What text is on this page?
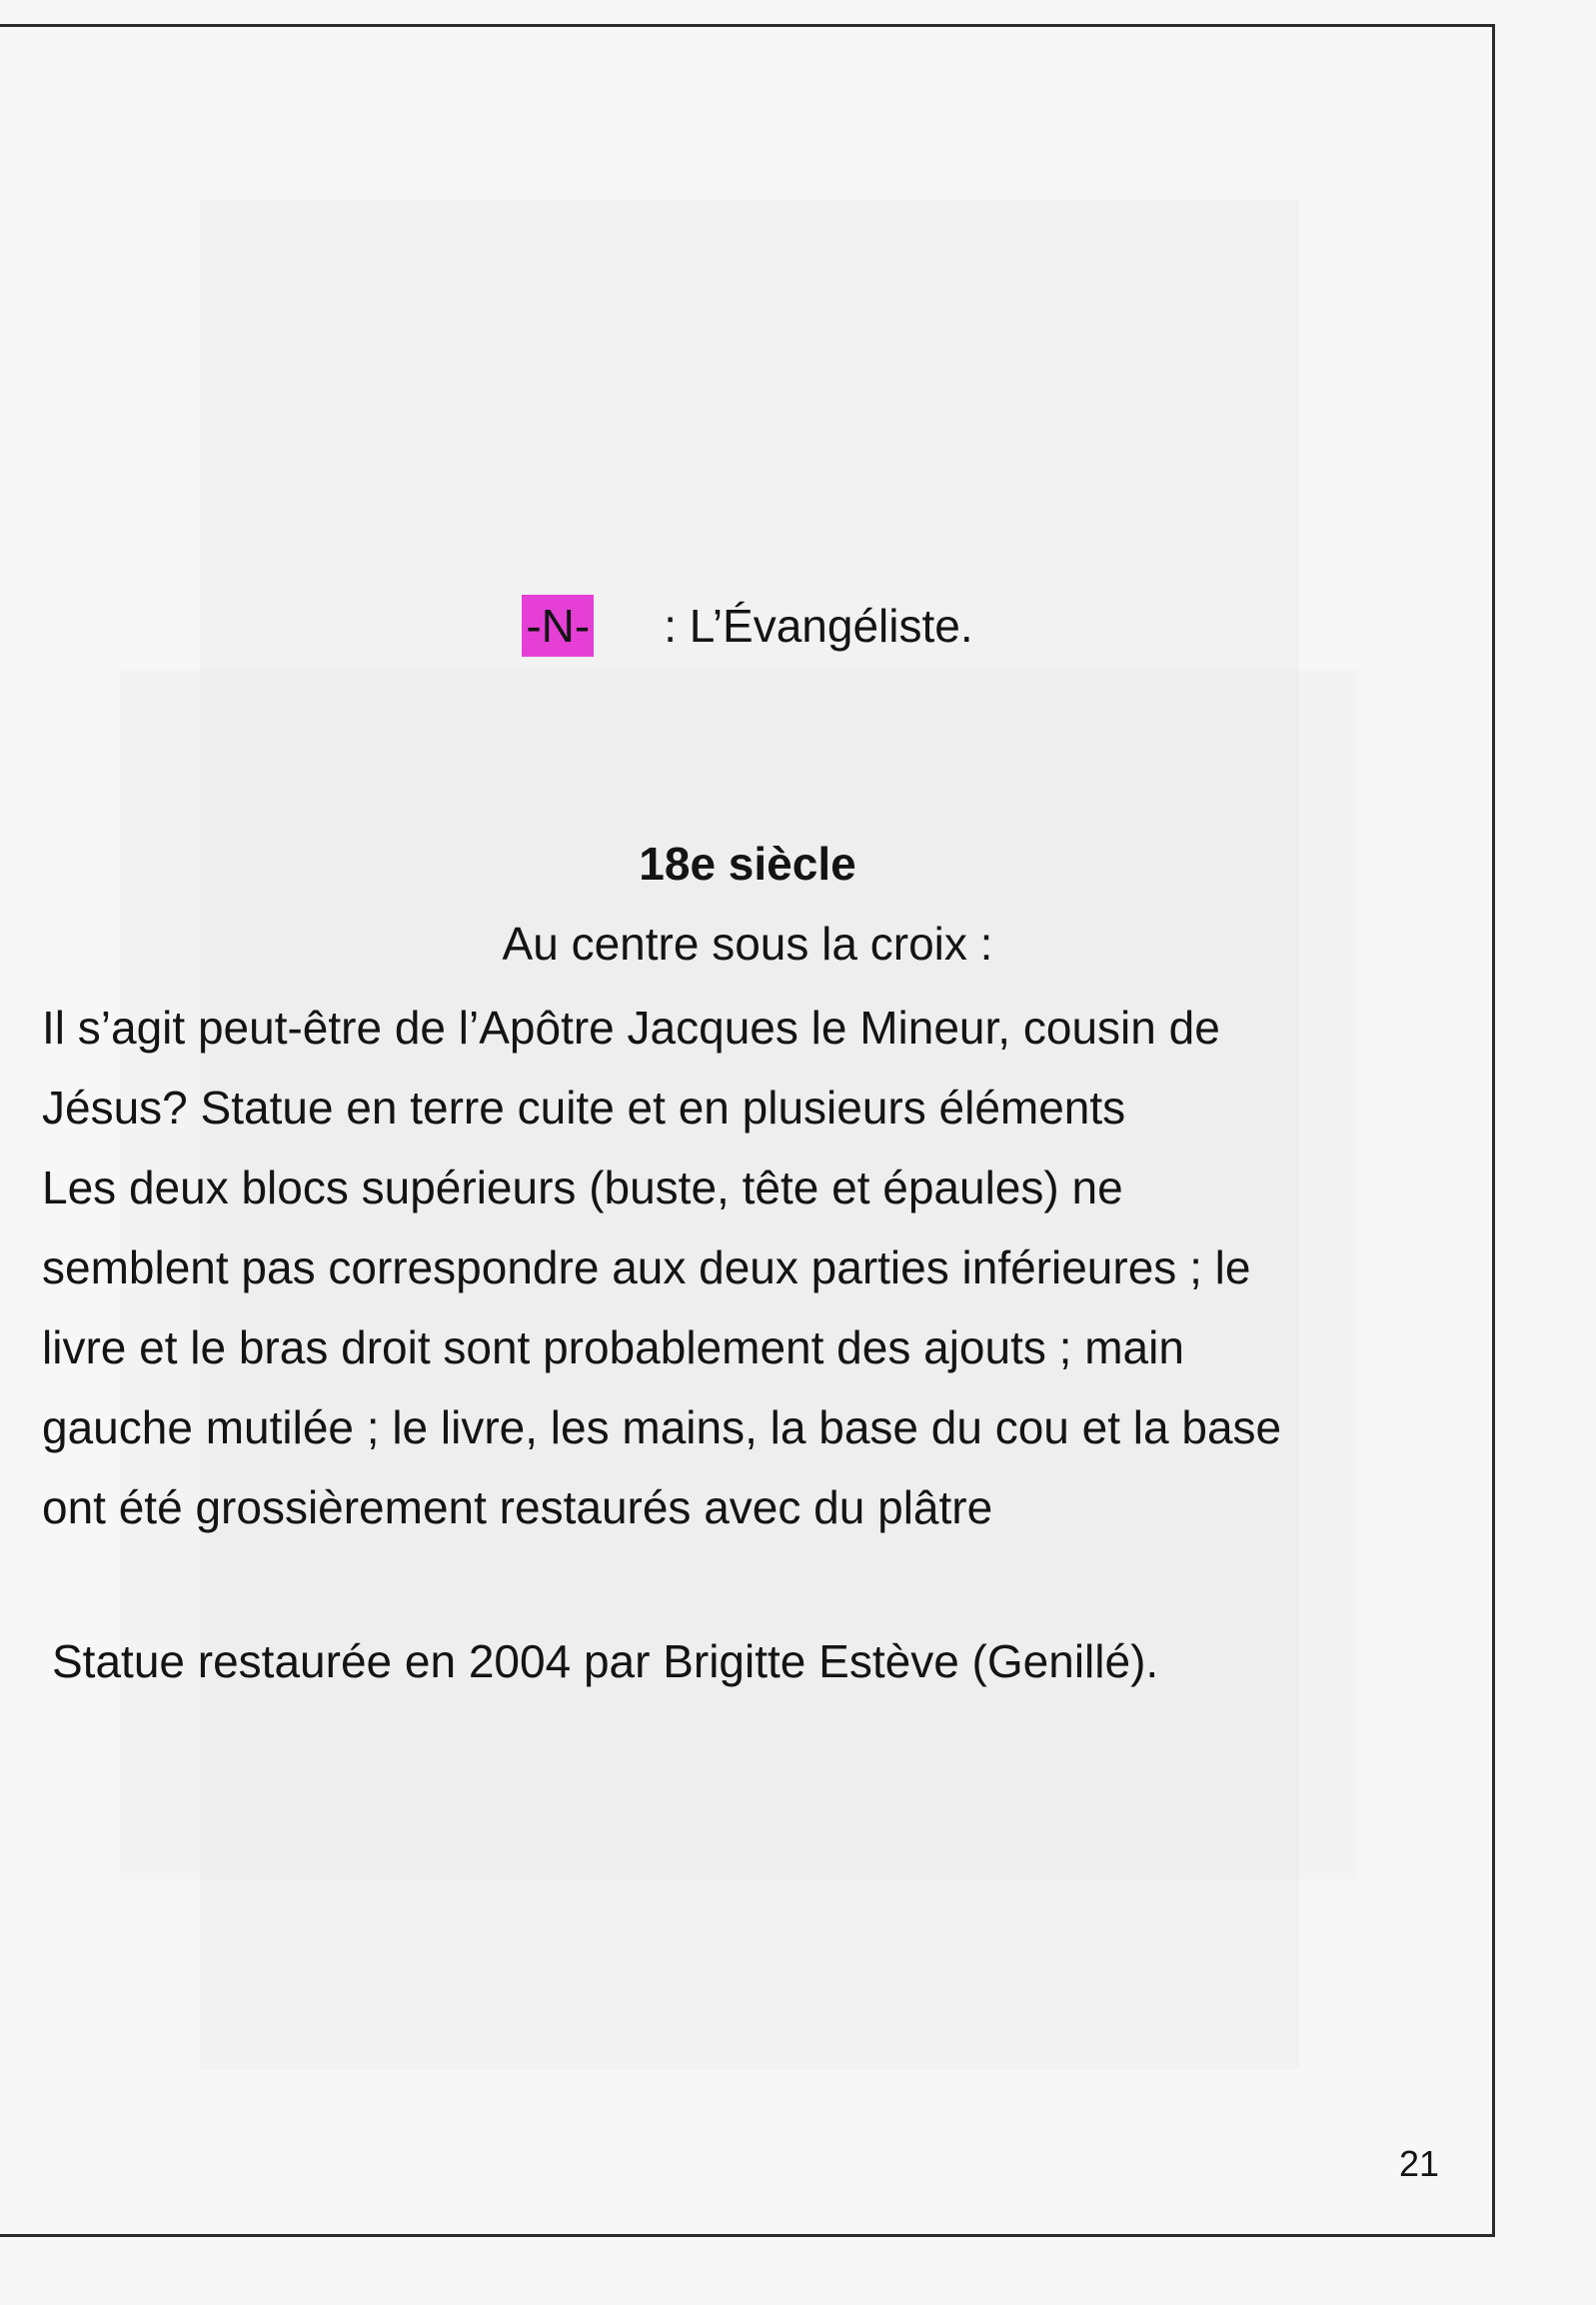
-N- : L’Évangéliste.
18e siècle
Au centre sous la croix :
Il s’agit peut-être de l’Apôtre Jacques le Mineur, cousin de
Jésus? Statue en terre cuite et en plusieurs éléments
Les deux blocs supérieurs (buste, tête et épaules) ne
semblent pas correspondre aux deux parties inférieures ; le
livre et le bras droit sont probablement des ajouts ; main
gauche mutilée ; le livre, les mains, la base du cou et la base
ont été grossièrement restaurés avec du plâtre
Statue restaurée en 2004 par Brigitte Estève (Genillé).
21
